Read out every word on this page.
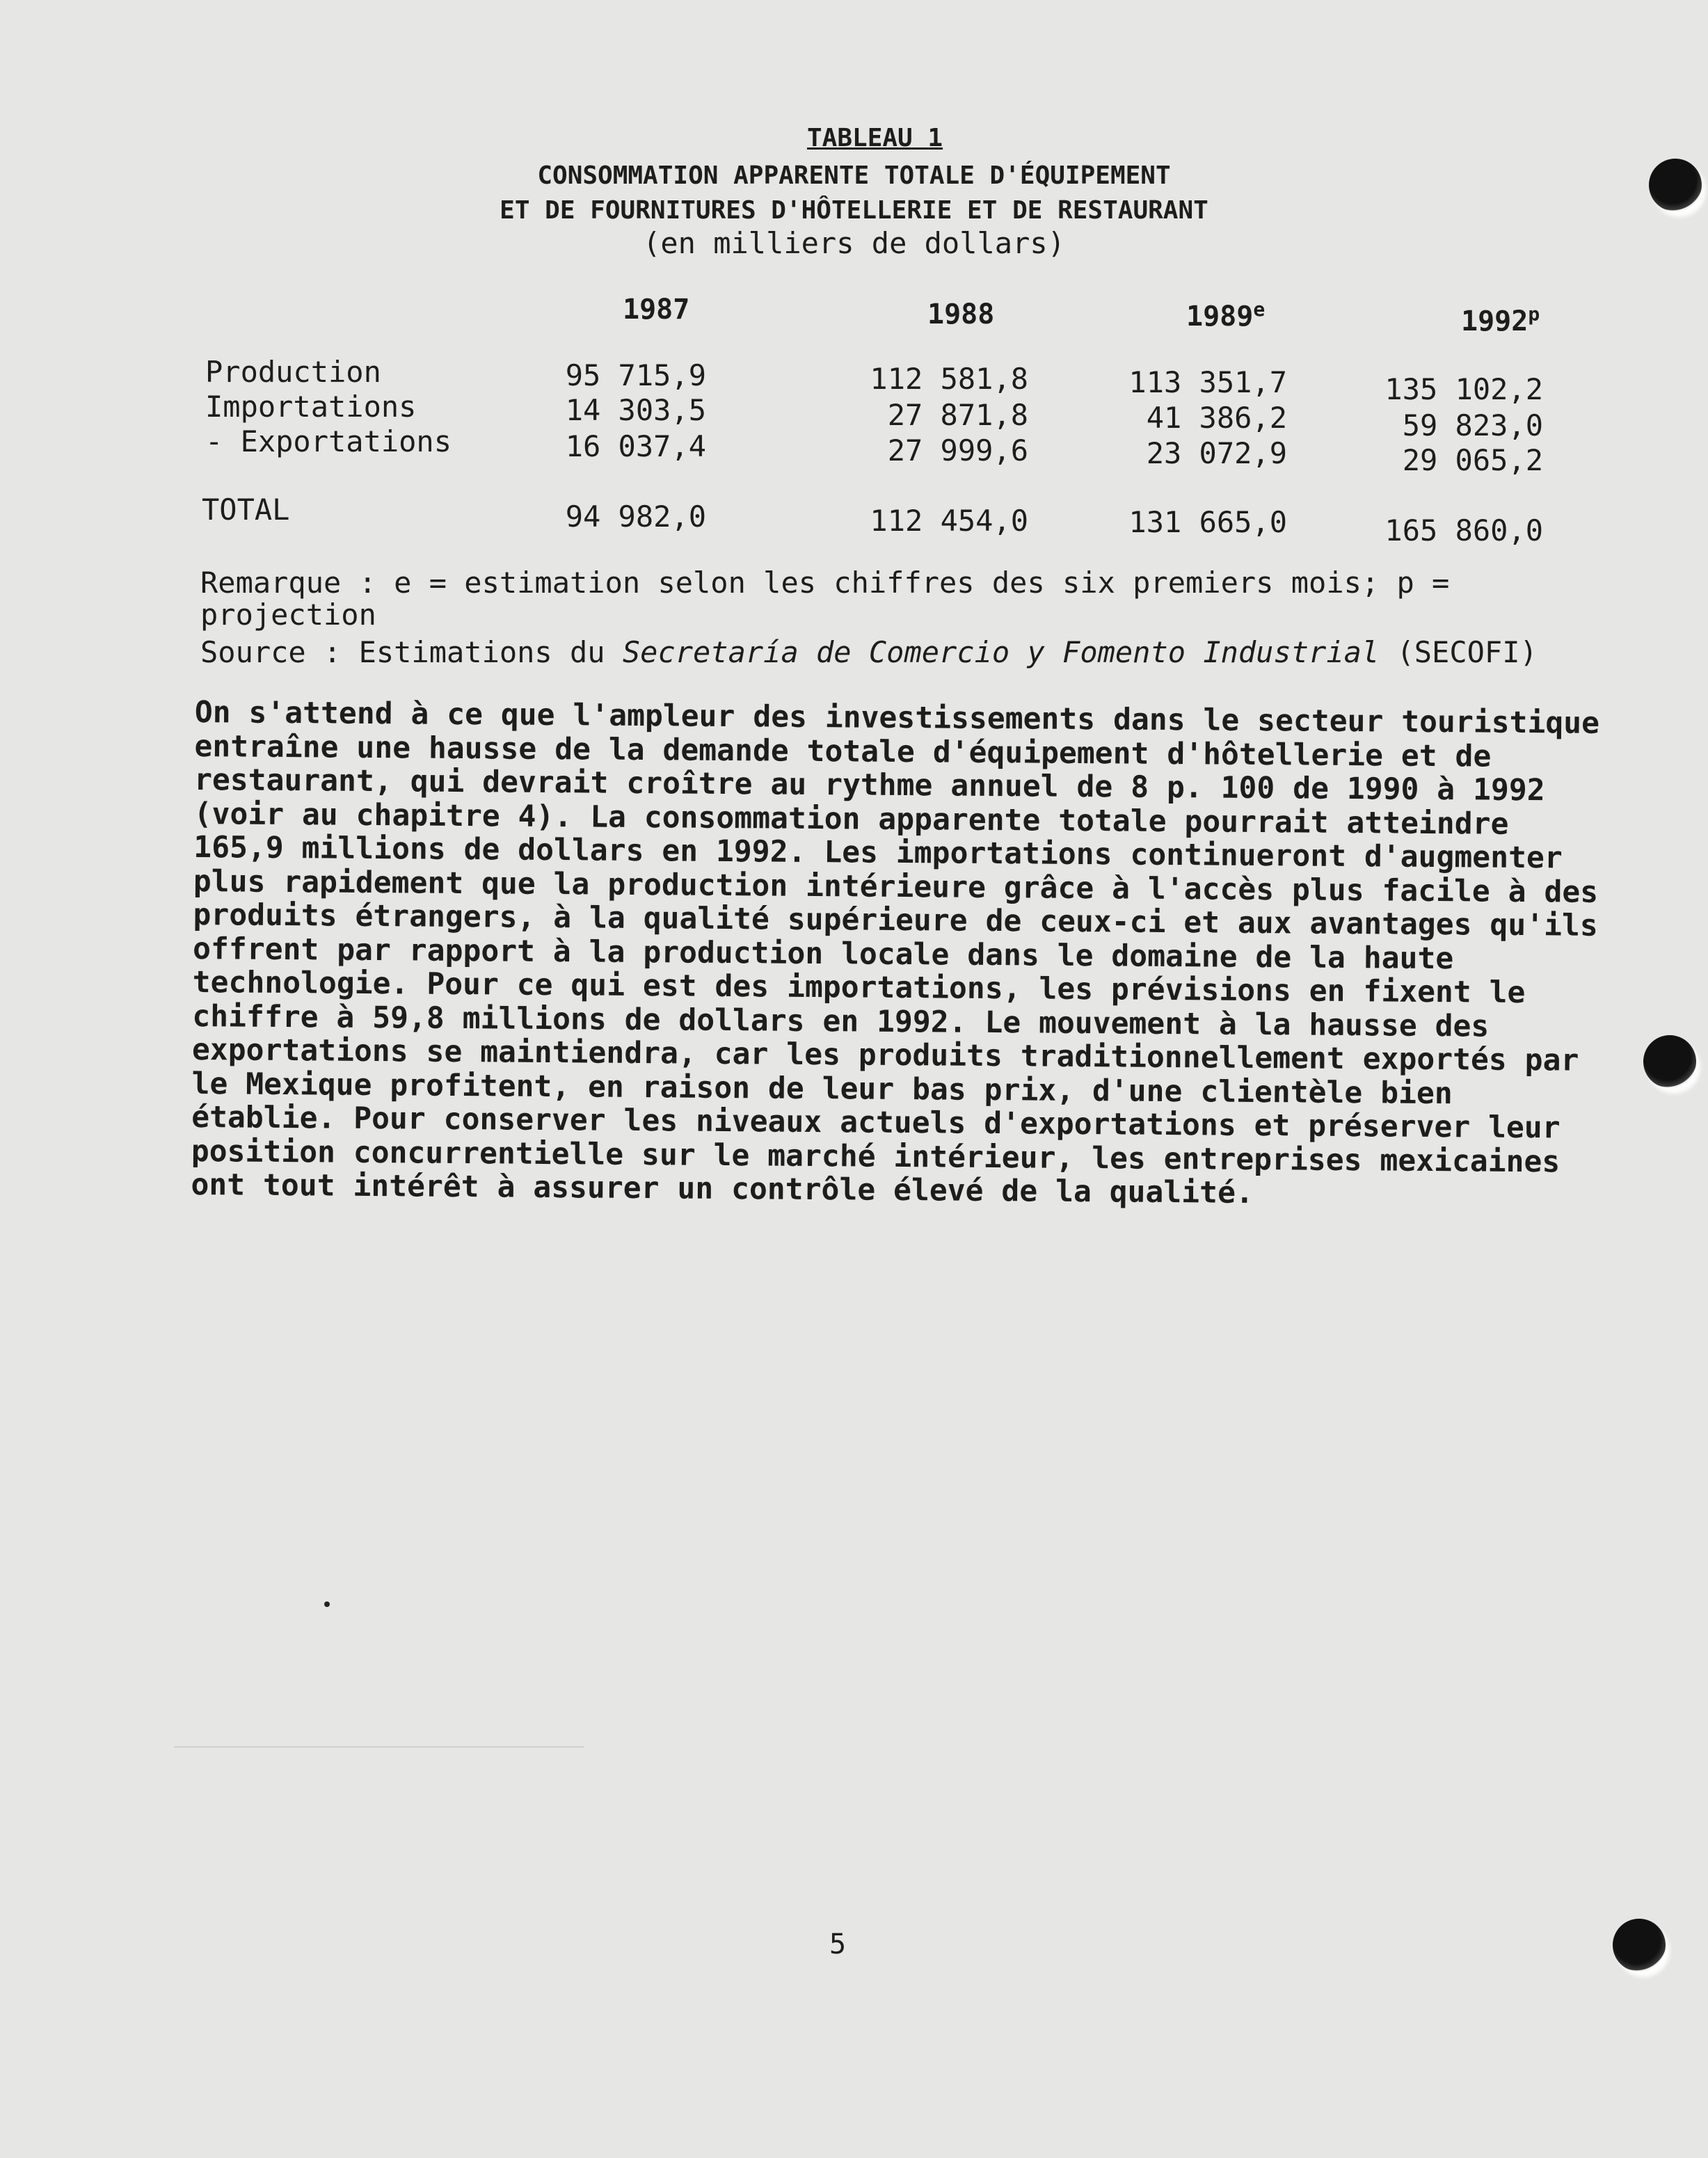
TABLEAU 1
CONSOMMATION APPARENTE TOTALE D'ÉQUIPEMENT
ET DE FOURNITURES D'HÔTELLERIE ET DE RESTAURANT
(en milliers de dollars)
1987	1988	1989e	1992$^p$
Production	95 715,9	112 581,8	113 351,7	135 102,2
Importations	14 303,5	27 871,8	41 386,2	59 823,0
- Exportations	16 037,4	27 999,6	23 072,9	29 065,2
TOTAL	94 982,0	112 454,0	131 665,0	165 860,0
Remarque : e = estimation selon les chiffres des six premiers mois; p =
projection
Source : Estimations du Secretaría de Comercio y Fomento Industrial (SECOFI)
On s'attend à ce que l'ampleur des investissements dans le secteur touristique
entraîne une hausse de la demande totale d'équipement d'hôtellerie et de
restaurant, qui devrait croître au rythme annuel de 8 p. 100 de 1990 à 1992
(voir au chapitre 4). La consommation apparente totale pourrait atteindre
165,9 millions de dollars en 1992. Les importations continueront d'augmenter
plus rapidement que la production intérieure grâce à l'accès plus facile à des
produits étrangers, à la qualité supérieure de ceux-ci et aux avantages qu'ils
offrent par rapport à la production locale dans le domaine de la haute
technologie. Pour ce qui est des importations, les prévisions en fixent le
chiffre à 59,8 millions de dollars en 1992. Le mouvement à la hausse des
exportations se maintiendra, car les produits traditionnellement exportés par
le Mexique profitent, en raison de leur bas prix, d'une clientèle bien
établie. Pour conserver les niveaux actuels d'exportations et préserver leur
position concurrentielle sur le marché intérieur, les entreprises mexicaines
ont tout intérêt à assurer un contrôle élevé de la qualité.
5
